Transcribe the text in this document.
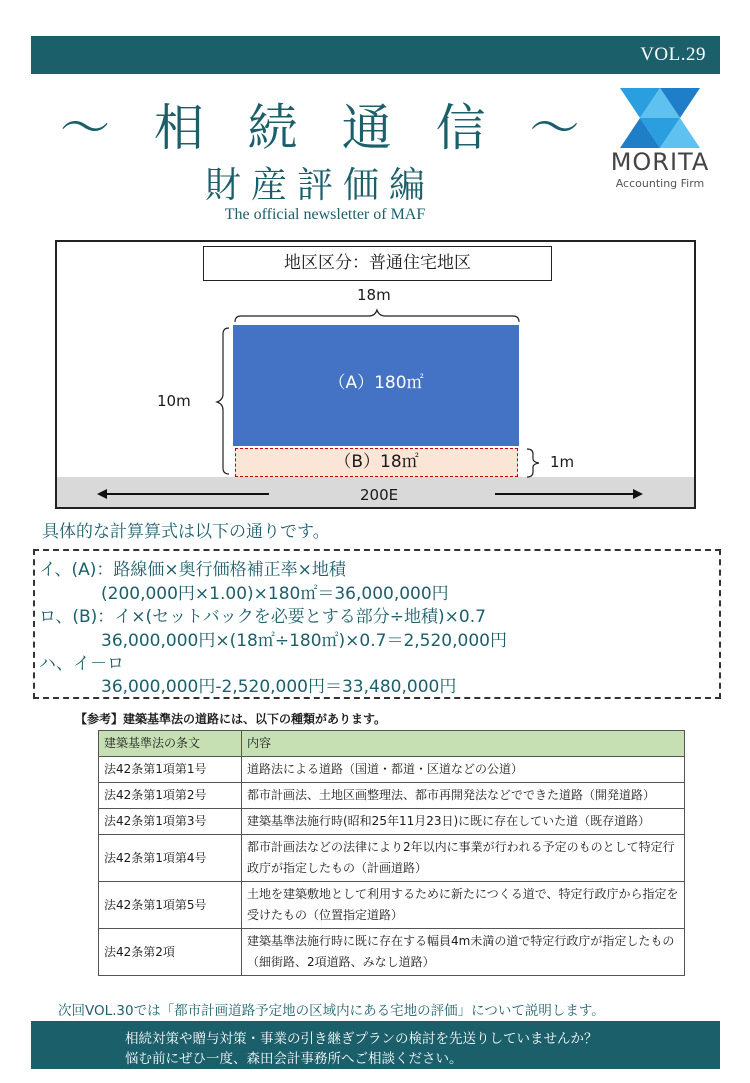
VOL.29
～ 相 続 通 信 ～
財産評価編
The official newsletter of MAF
MORITA
Accounting Firm
地区区分：普通住宅地区
18m
（A）180㎡
（B）18㎡
200E
10m
1m
具体的な計算算式は以下の通りです。
イ、(A)：路線価×奥行価格補正率×地積
(200,000円×1.00)×180㎡＝36,000,000円
ロ、(B)：イ×(セットバックを必要とする部分÷地積)×0.7
36,000,000円×(18㎡÷180㎡)×0.7＝2,520,000円
ハ、イ－ロ
36,000,000円-2,520,000円＝33,480,000円
【参考】建築基準法の道路には、以下の種類があります。
建築基準法の条文	内容
法42条第1項第1号	道路法による道路（国道・都道・区道などの公道）
法42条第1項第2号	都市計画法、土地区画整理法、都市再開発法などでできた道路（開発道路）
法42条第1項第3号	建築基準法施行時(昭和25年11月23日)に既に存在していた道（既存道路）
法42条第1項第4号	都市計画法などの法律により2年以内に事業が行われる予定のものとして特定行政庁が指定したもの（計画道路）
法42条第1項第5号	土地を建築敷地として利用するために新たにつくる道で、特定行政庁から指定を受けたもの（位置指定道路）
法42条第2項	建築基準法施行時に既に存在する幅員4m未満の道で特定行政庁が指定したもの（細街路、2項道路、みなし道路）
次回VOL.30では「都市計画道路予定地の区域内にある宅地の評価」について説明します。
相続対策や贈与対策・事業の引き継ぎプランの検討を先送りしていませんか？
悩む前にぜひ一度、森田会計事務所へご相談ください。
